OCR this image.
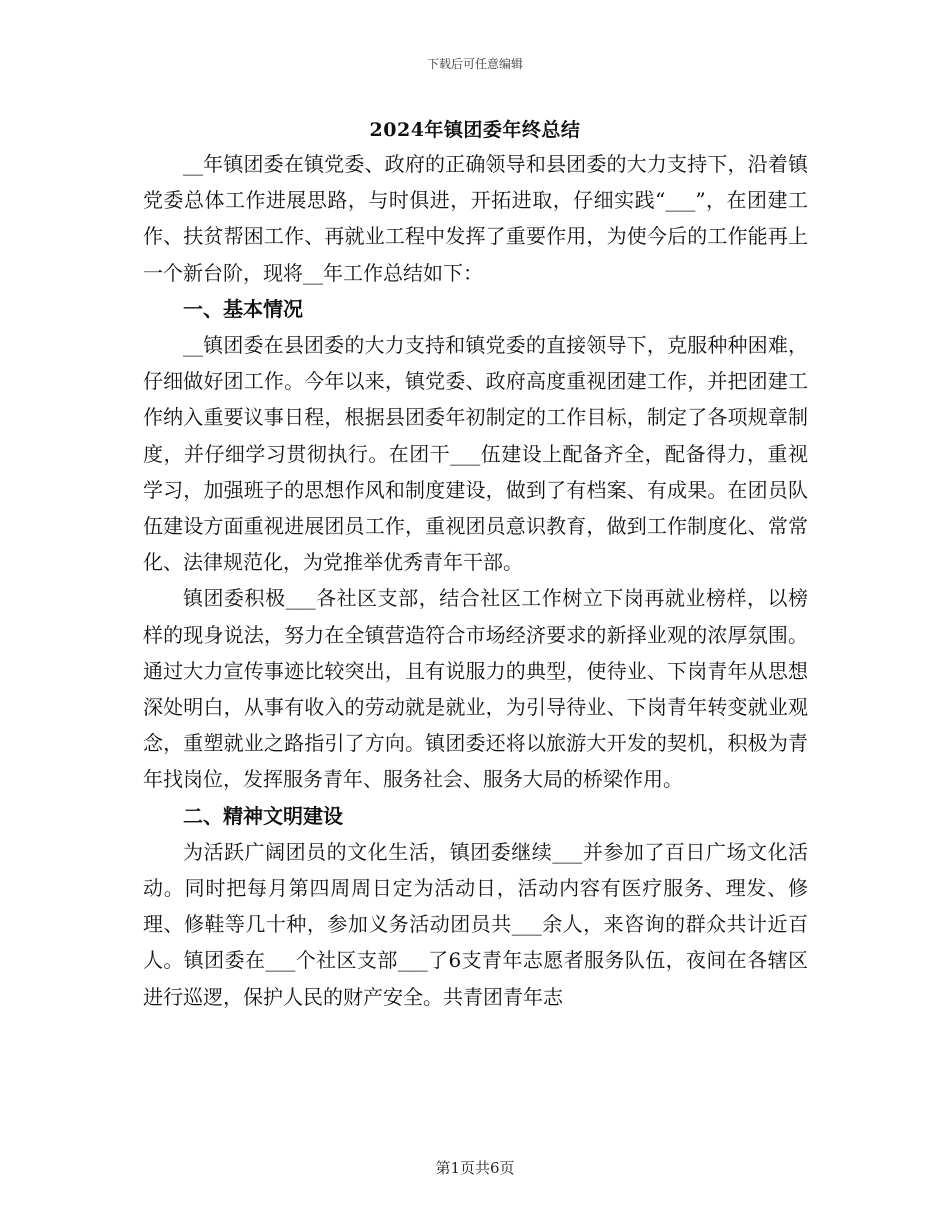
下载后可任意编辑
2024年镇团委年终总结

__年镇团委在镇党委、政府的正确领导和县团委的大力支持下，沿着镇党委总体工作进展思路，与时俱进，开拓进取，仔细实践“___”，在团建工作、扶贫帮困工作、再就业工程中发挥了重要作用，为使今后的工作能再上一个新台阶，现将__年工作总结如下：

一、基本情况

__镇团委在县团委的大力支持和镇党委的直接领导下，克服种种困难，仔细做好团工作。今年以来，镇党委、政府高度重视团建工作，并把团建工作纳入重要议事日程，根据县团委年初制定的工作目标，制定了各项规章制度，并仔细学习贯彻执行。在团干___伍建设上配备齐全，配备得力，重视学习，加强班子的思想作风和制度建设，做到了有档案、有成果。在团员队伍建设方面重视进展团员工作，重视团员意识教育，做到工作制度化、常常化、法律规范化，为党推举优秀青年干部。

镇团委积极___各社区支部，结合社区工作树立下岗再就业榜样，以榜样的现身说法，努力在全镇营造符合市场经济要求的新择业观的浓厚氛围。通过大力宣传事迹比较突出，且有说服力的典型，使待业、下岗青年从思想深处明白，从事有收入的劳动就是就业，为引导待业、下岗青年转变就业观念，重塑就业之路指引了方向。镇团委还将以旅游大开发的契机，积极为青年找岗位，发挥服务青年、服务社会、服务大局的桥梁作用。

二、精神文明建设

为活跃广阔团员的文化生活，镇团委继续___并参加了百日广场文化活动。同时把每月第四周周日定为活动日，活动内容有医疗服务、理发、修理、修鞋等几十种，参加义务活动团员共___余人，来咨询的群众共计近百人。镇团委在___个社区支部___了6支青年志愿者服务队伍，夜间在各辖区进行巡逻，保护人民的财产安全。共青团青年志

第1页共6页
